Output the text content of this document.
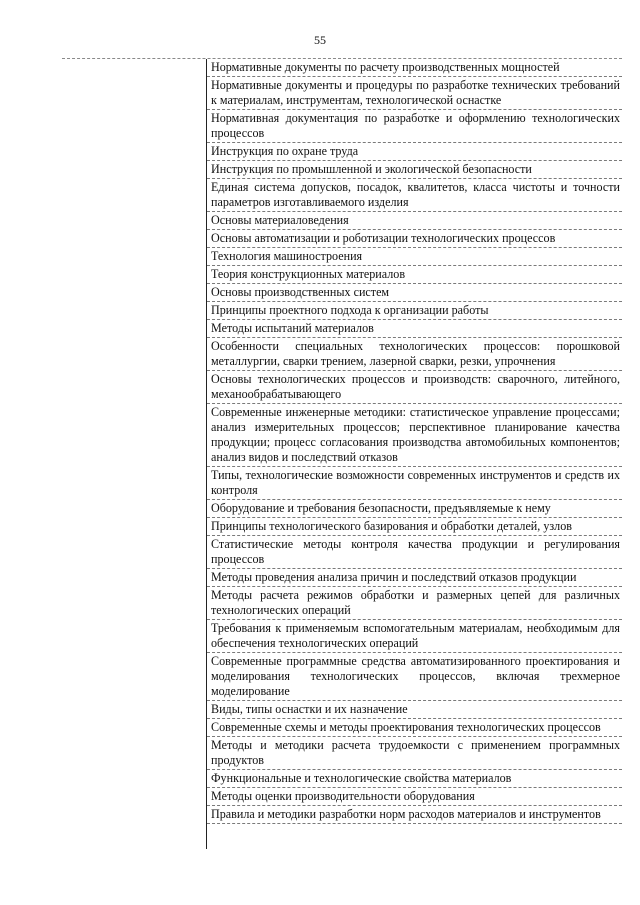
55
Нормативные документы по расчету производственных мощностей
Нормативные документы и процедуры по разработке технических требований к материалам, инструментам, технологической оснастке
Нормативная документация по разработке и оформлению технологических процессов
Инструкция по охране труда
Инструкция по промышленной и экологической безопасности
Единая система допусков, посадок, квалитетов, класса чистоты и точности параметров изготавливаемого изделия
Основы материаловедения
Основы автоматизации и роботизации технологических процессов
Технология машиностроения
Теория конструкционных материалов
Основы производственных систем
Принципы проектного подхода к организации работы
Методы испытаний материалов
Особенности специальных технологических процессов: порошковой металлургии, сварки трением, лазерной сварки, резки, упрочнения
Основы технологических процессов и производств: сварочного, литейного, механообрабатывающего
Современные инженерные методики: статистическое управление процессами; анализ измерительных процессов; перспективное планирование качества продукции; процесс согласования производства автомобильных компонентов; анализ видов и последствий отказов
Типы, технологические возможности современных инструментов и средств их контроля
Оборудование и требования безопасности, предъявляемые к нему
Принципы технологического базирования и обработки деталей, узлов
Статистические методы контроля качества продукции и регулирования процессов
Методы проведения анализа причин и последствий отказов продукции
Методы расчета режимов обработки и размерных цепей для различных технологических операций
Требования к применяемым вспомогательным материалам, необходимым для обеспечения технологических операций
Современные программные средства автоматизированного проектирования и моделирования технологических процессов, включая трехмерное моделирование
Виды, типы оснастки и их назначение
Современные схемы и методы проектирования технологических процессов
Методы и методики расчета трудоемкости с применением программных продуктов
Функциональные и технологические свойства материалов
Методы оценки производительности оборудования
Правила и методики разработки норм расходов материалов и инструментов
